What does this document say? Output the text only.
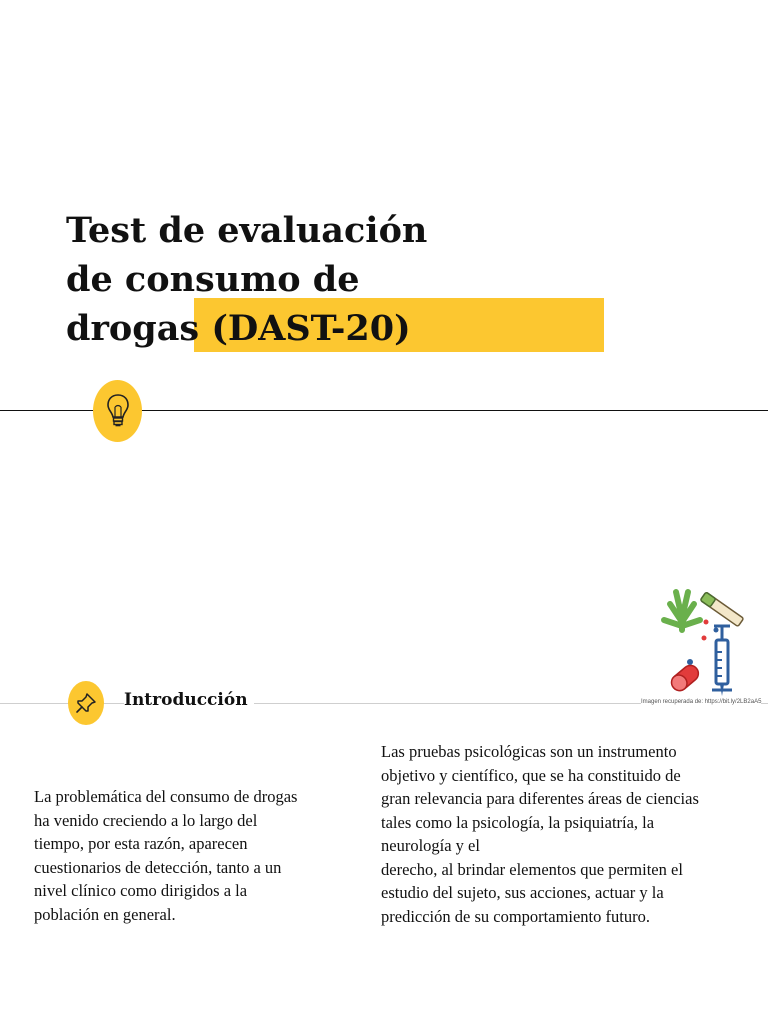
Test de evaluación
de consumo de
drogas (DAST-20)
Introducción	Imagen recuperada de: https://bit.ly/2LB2aA5

Las pruebas psicológicas son un instrumento
objetivo y científico, que se ha constituido de
gran relevancia para diferentes áreas de ciencias
tales como la psicología, la psiquiatría, la
neurología y el
derecho, al brindar elementos que permiten el
estudio del sujeto, sus acciones, actuar y la
predicción de su comportamiento futuro.

La problemática del consumo de drogas
ha venido creciendo a lo largo del
tiempo, por esta razón, aparecen
cuestionarios de detección, tanto a un
nivel clínico como dirigidos a la
población en general.
